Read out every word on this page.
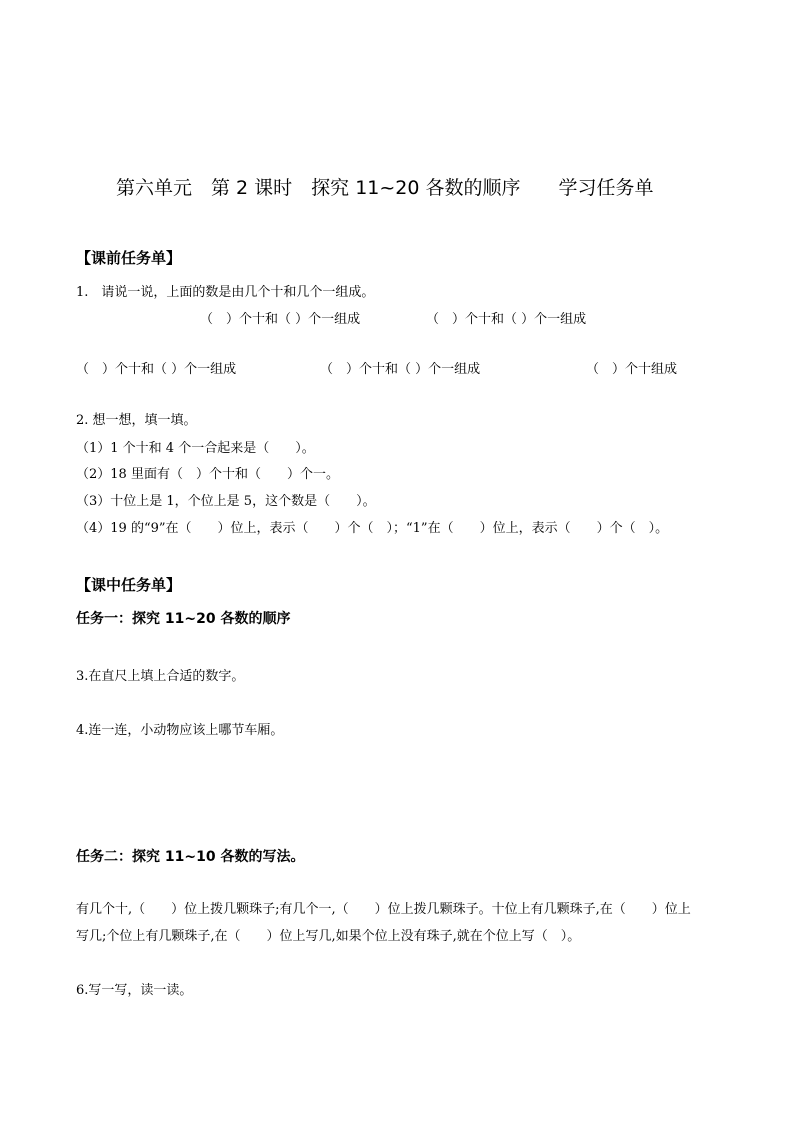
第六单元　第 2 课时　探究 11~20 各数的顺序　　学习任务单
【课前任务单】
1.　请说一说，上面的数是由几个十和几个一组成。
（　）个十和（ ）个一组成	（　）个十和（ ）个一组成
（　）个十和（ ）个一组成	（　）个十和（ ）个一组成	（　）个十组成
2. 想一想，填一填。
（1）1 个十和 4 个一合起来是（　　）。
（2）18 里面有（　）个十和（　　）个一。
（3）十位上是 1，个位上是 5，这个数是（　　）。
（4）19 的“9”在（　　）位上，表示（　　）个（　）；“1”在（　　）位上，表示（　　）个（　）。
【课中任务单】
任务一：探究 11~20 各数的顺序
3.在直尺上填上合适的数字。
4.连一连，小动物应该上哪节车厢。
任务二：探究 11~10 各数的写法。
有几个十,（　　）位上拨几颗珠子;有几个一,（　　）位上拨几颗珠子。十位上有几颗珠子,在（　　）位上
写几;个位上有几颗珠子,在（　　）位上写几,如果个位上没有珠子,就在个位上写（　）。
6.写一写，读一读。
